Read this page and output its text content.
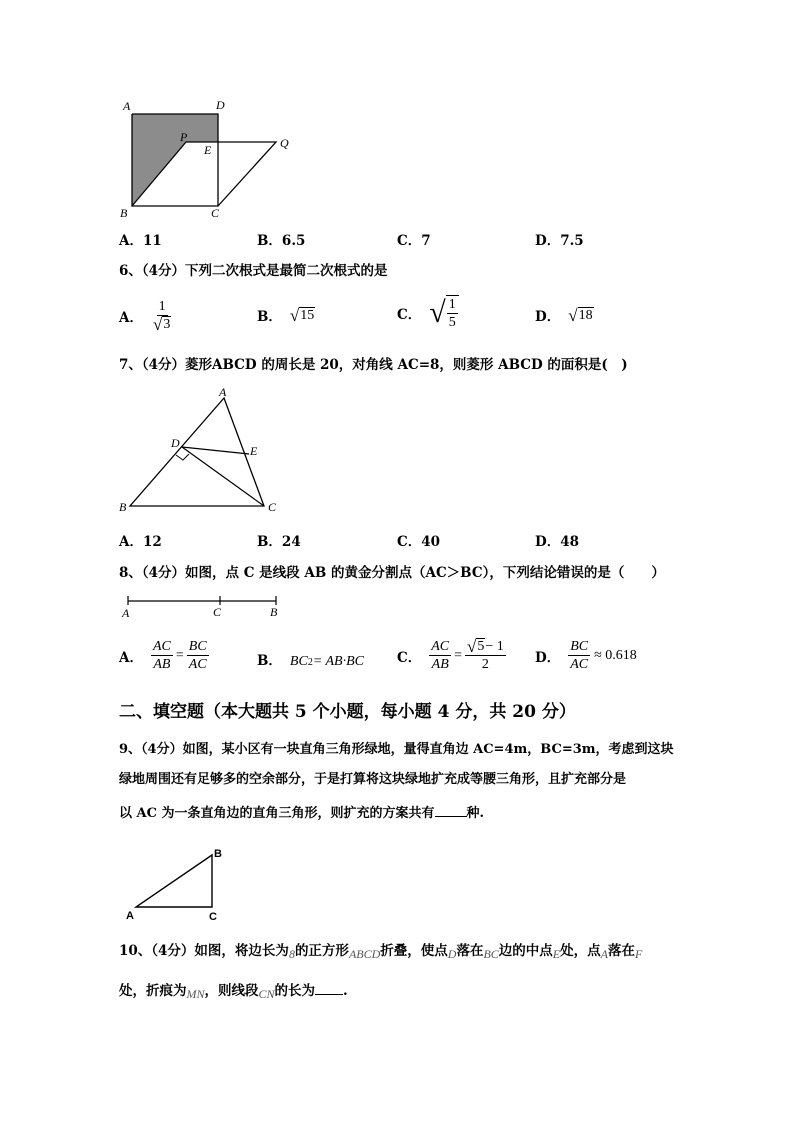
A	D
P
E	Q
B	C
A．11	B．6.5	C．7	D．7.5
6、（4分）下列二次根式是最简二次根式的是
A． $\frac{1}{√ 3}$	B． √ 15	C． √ $\frac{1}{5}$	D． √ 18
7、（4分）菱形ABCD 的周长是 20，对角线 AC=8，则菱形 ABCD 的面积是(　)
A
D
E
B	C
A．12	B．24	C．40	D．48
8、（4分）如图，点 C 是线段 AB 的黄金分割点（AC＞BC），下列结论错误的是（　　）
A	C	B
A． $\frac{AC}{AB} = \frac{BC}{AC}$	B． BC 2 = AB·BC C． $\frac{AC}{AB} = \frac{√ 5 - 1}{2}$ D． $\frac{BC}{AC} \approx 0.618$
二、填空题（本大题共 5 个小题，每小题 4 分，共 20 分）
9、（4分）如图，某小区有一块直角三角形绿地，量得直角边 AC=4m，BC=3m，考虑到这块
绿地周围还有足够多的空余部分，于是打算将这块绿地扩充成等腰三角形，且扩充部分是
以 AC 为一条直角边的直角三角形，则扩充的方案共有 种.
A
B
C
10、（4分）如图，将边长为8的正方形ABCD折叠，使点D落在BC边的中点E处，点A落在F
处，折痕为MN，则线段CN的长为 .
